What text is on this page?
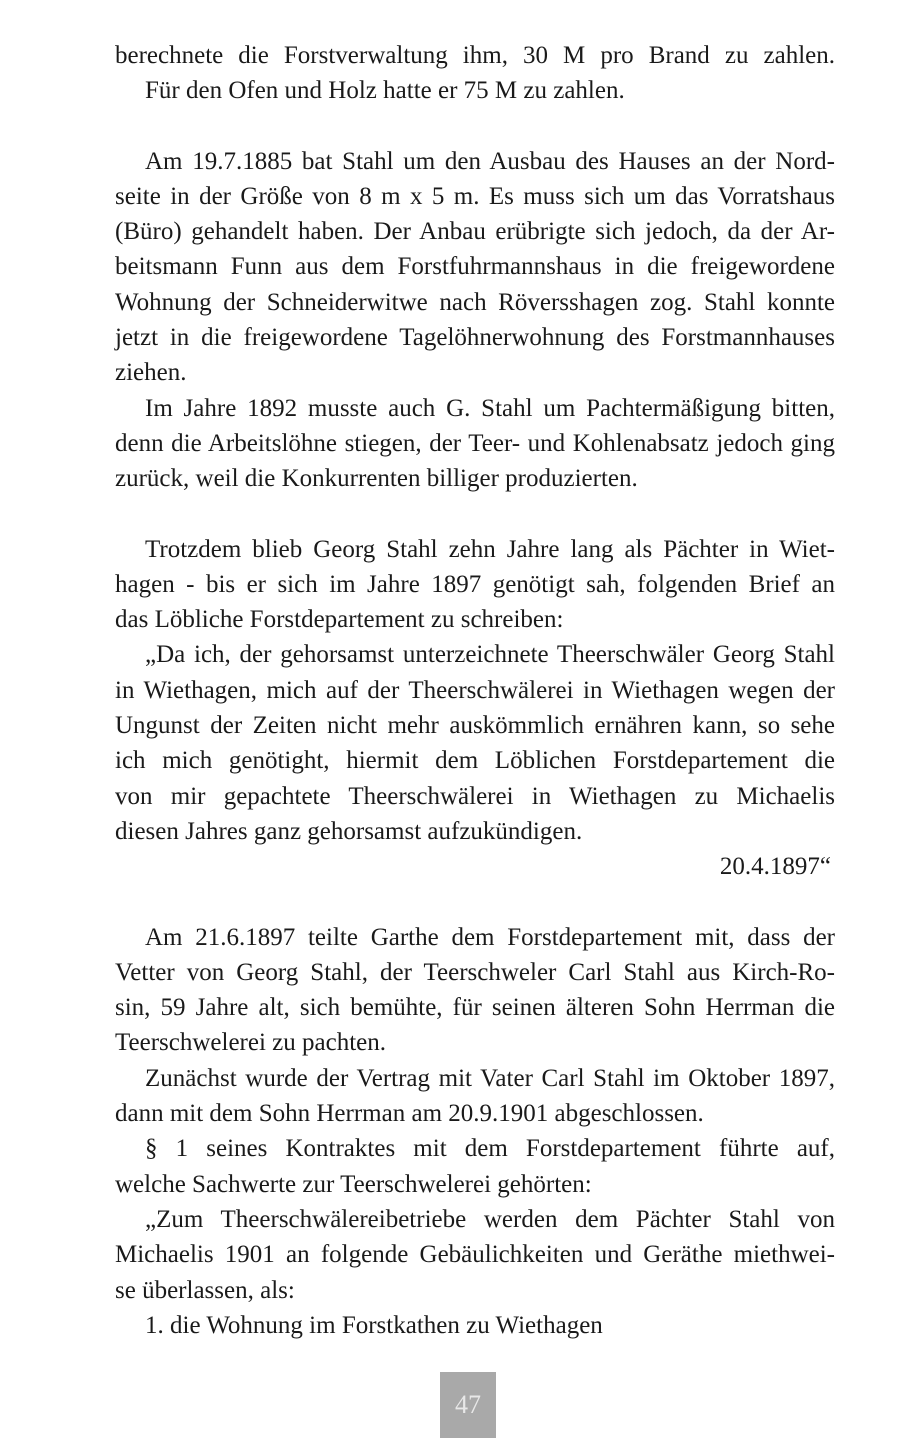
berechnete die Forstverwaltung ihm, 30 M pro Brand zu zahlen.
Für den Ofen und Holz hatte er 75 M zu zahlen.

Am 19.7.1885 bat Stahl um den Ausbau des Hauses an der Nord-
seite in der Größe von 8 m x 5 m. Es muss sich um das Vorratshaus
(Büro) gehandelt haben. Der Anbau erübrigte sich jedoch, da der Ar-
beitsmann Funn aus dem Forstfuhrmannshaus in die freigewordene
Wohnung der Schneiderwitwe nach Röversshagen zog. Stahl konnte
jetzt in die freigewordene Tagelöhnerwohnung des Forstmannhauses
ziehen.

Im Jahre 1892 musste auch G. Stahl um Pachtermäßigung bitten,
denn die Arbeitslöhne stiegen, der Teer- und Kohlenabsatz jedoch ging
zurück, weil die Konkurrenten billiger produzierten.

Trotzdem blieb Georg Stahl zehn Jahre lang als Pächter in Wiet-
hagen - bis er sich im Jahre 1897 genötigt sah, folgenden Brief an
das Löbliche Forstdepartement zu schreiben:

„Da ich, der gehorsamst unterzeichnete Theerschwäler Georg Stahl
in Wiethagen, mich auf der Theerschwälerei in Wiethagen wegen der
Ungunst der Zeiten nicht mehr auskömmlich ernähren kann, so sehe
ich mich genötight, hiermit dem Löblichen Forstdepartement die
von mir gepachtete Theerschwälerei in Wiethagen zu Michaelis
diesen Jahres ganz gehorsamst aufzukündigen.

20.4.1897“

Am 21.6.1897 teilte Garthe dem Forstdepartement mit, dass der
Vetter von Georg Stahl, der Teerschweler Carl Stahl aus Kirch-Ro-
sin, 59 Jahre alt, sich bemühte, für seinen älteren Sohn Herrman die
Teerschwelerei zu pachten.

Zunächst wurde der Vertrag mit Vater Carl Stahl im Oktober 1897,
dann mit dem Sohn Herrman am 20.9.1901 abgeschlossen.

§ 1 seines Kontraktes mit dem Forstdepartement führte auf,
welche Sachwerte zur Teerschwelerei gehörten:

„Zum Theerschwälereibetriebe werden dem Pächter Stahl von
Michaelis 1901 an folgende Gebäulichkeiten und Geräthe miethwei-
se überlassen, als:

1. die Wohnung im Forstkathen zu Wiethagen

47
